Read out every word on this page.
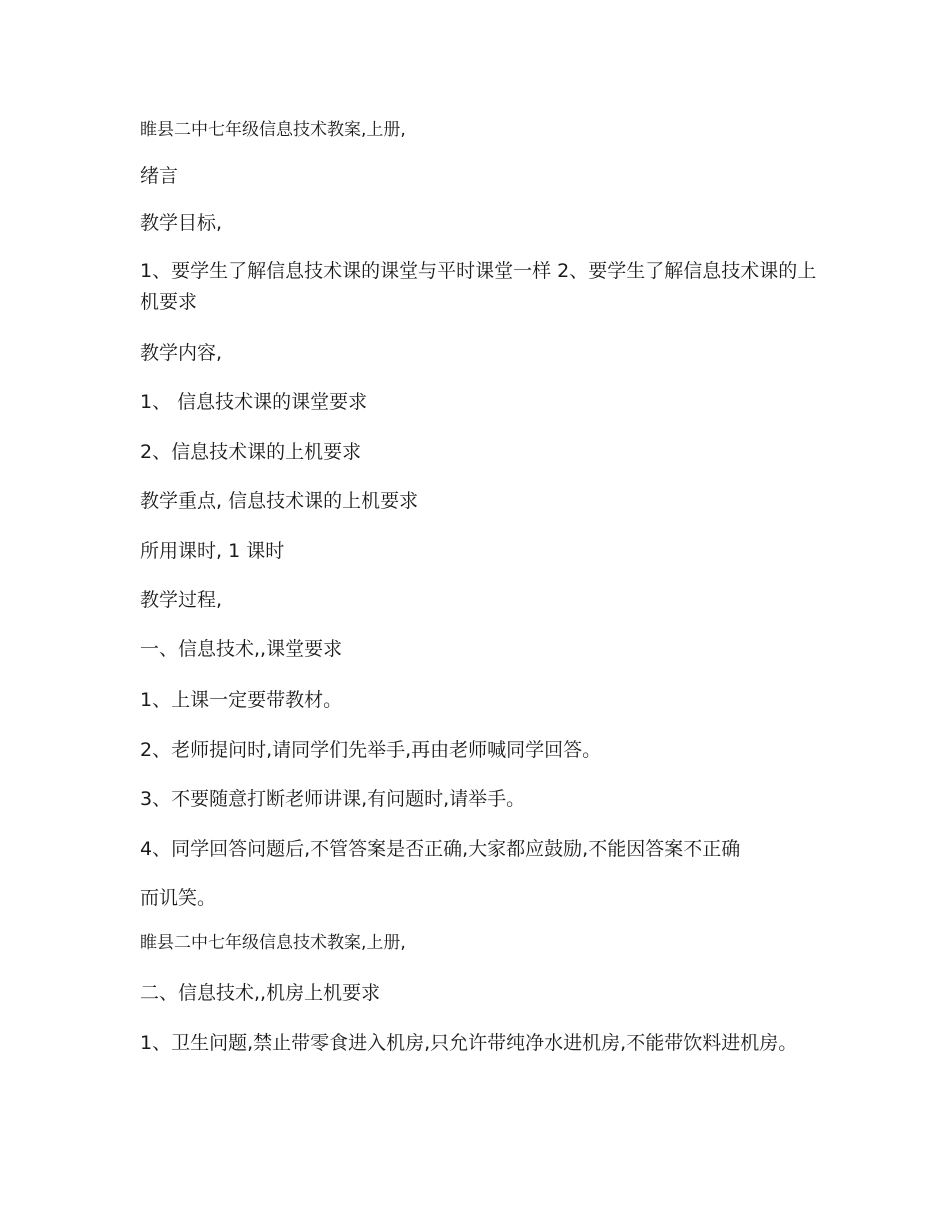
睢县二中七年级信息技术教案,上册,

绪言

教学目标,

1、要学生了解信息技术课的课堂与平时课堂一样 2、要学生了解信息技术课的上机要求

教学内容,

1、 信息技术课的课堂要求

2、信息技术课的上机要求

教学重点, 信息技术课的上机要求

所用课时, 1 课时

教学过程,

一、信息技术,,课堂要求

1、上课一定要带教材。

2、老师提问时,请同学们先举手,再由老师喊同学回答。

3、不要随意打断老师讲课,有问题时,请举手。

4、同学回答问题后,不管答案是否正确,大家都应鼓励,不能因答案不正确

而讥笑。

睢县二中七年级信息技术教案,上册,

二、信息技术,,机房上机要求

1、卫生问题,禁止带零食进入机房,只允许带纯净水进机房,不能带饮料进机房。
